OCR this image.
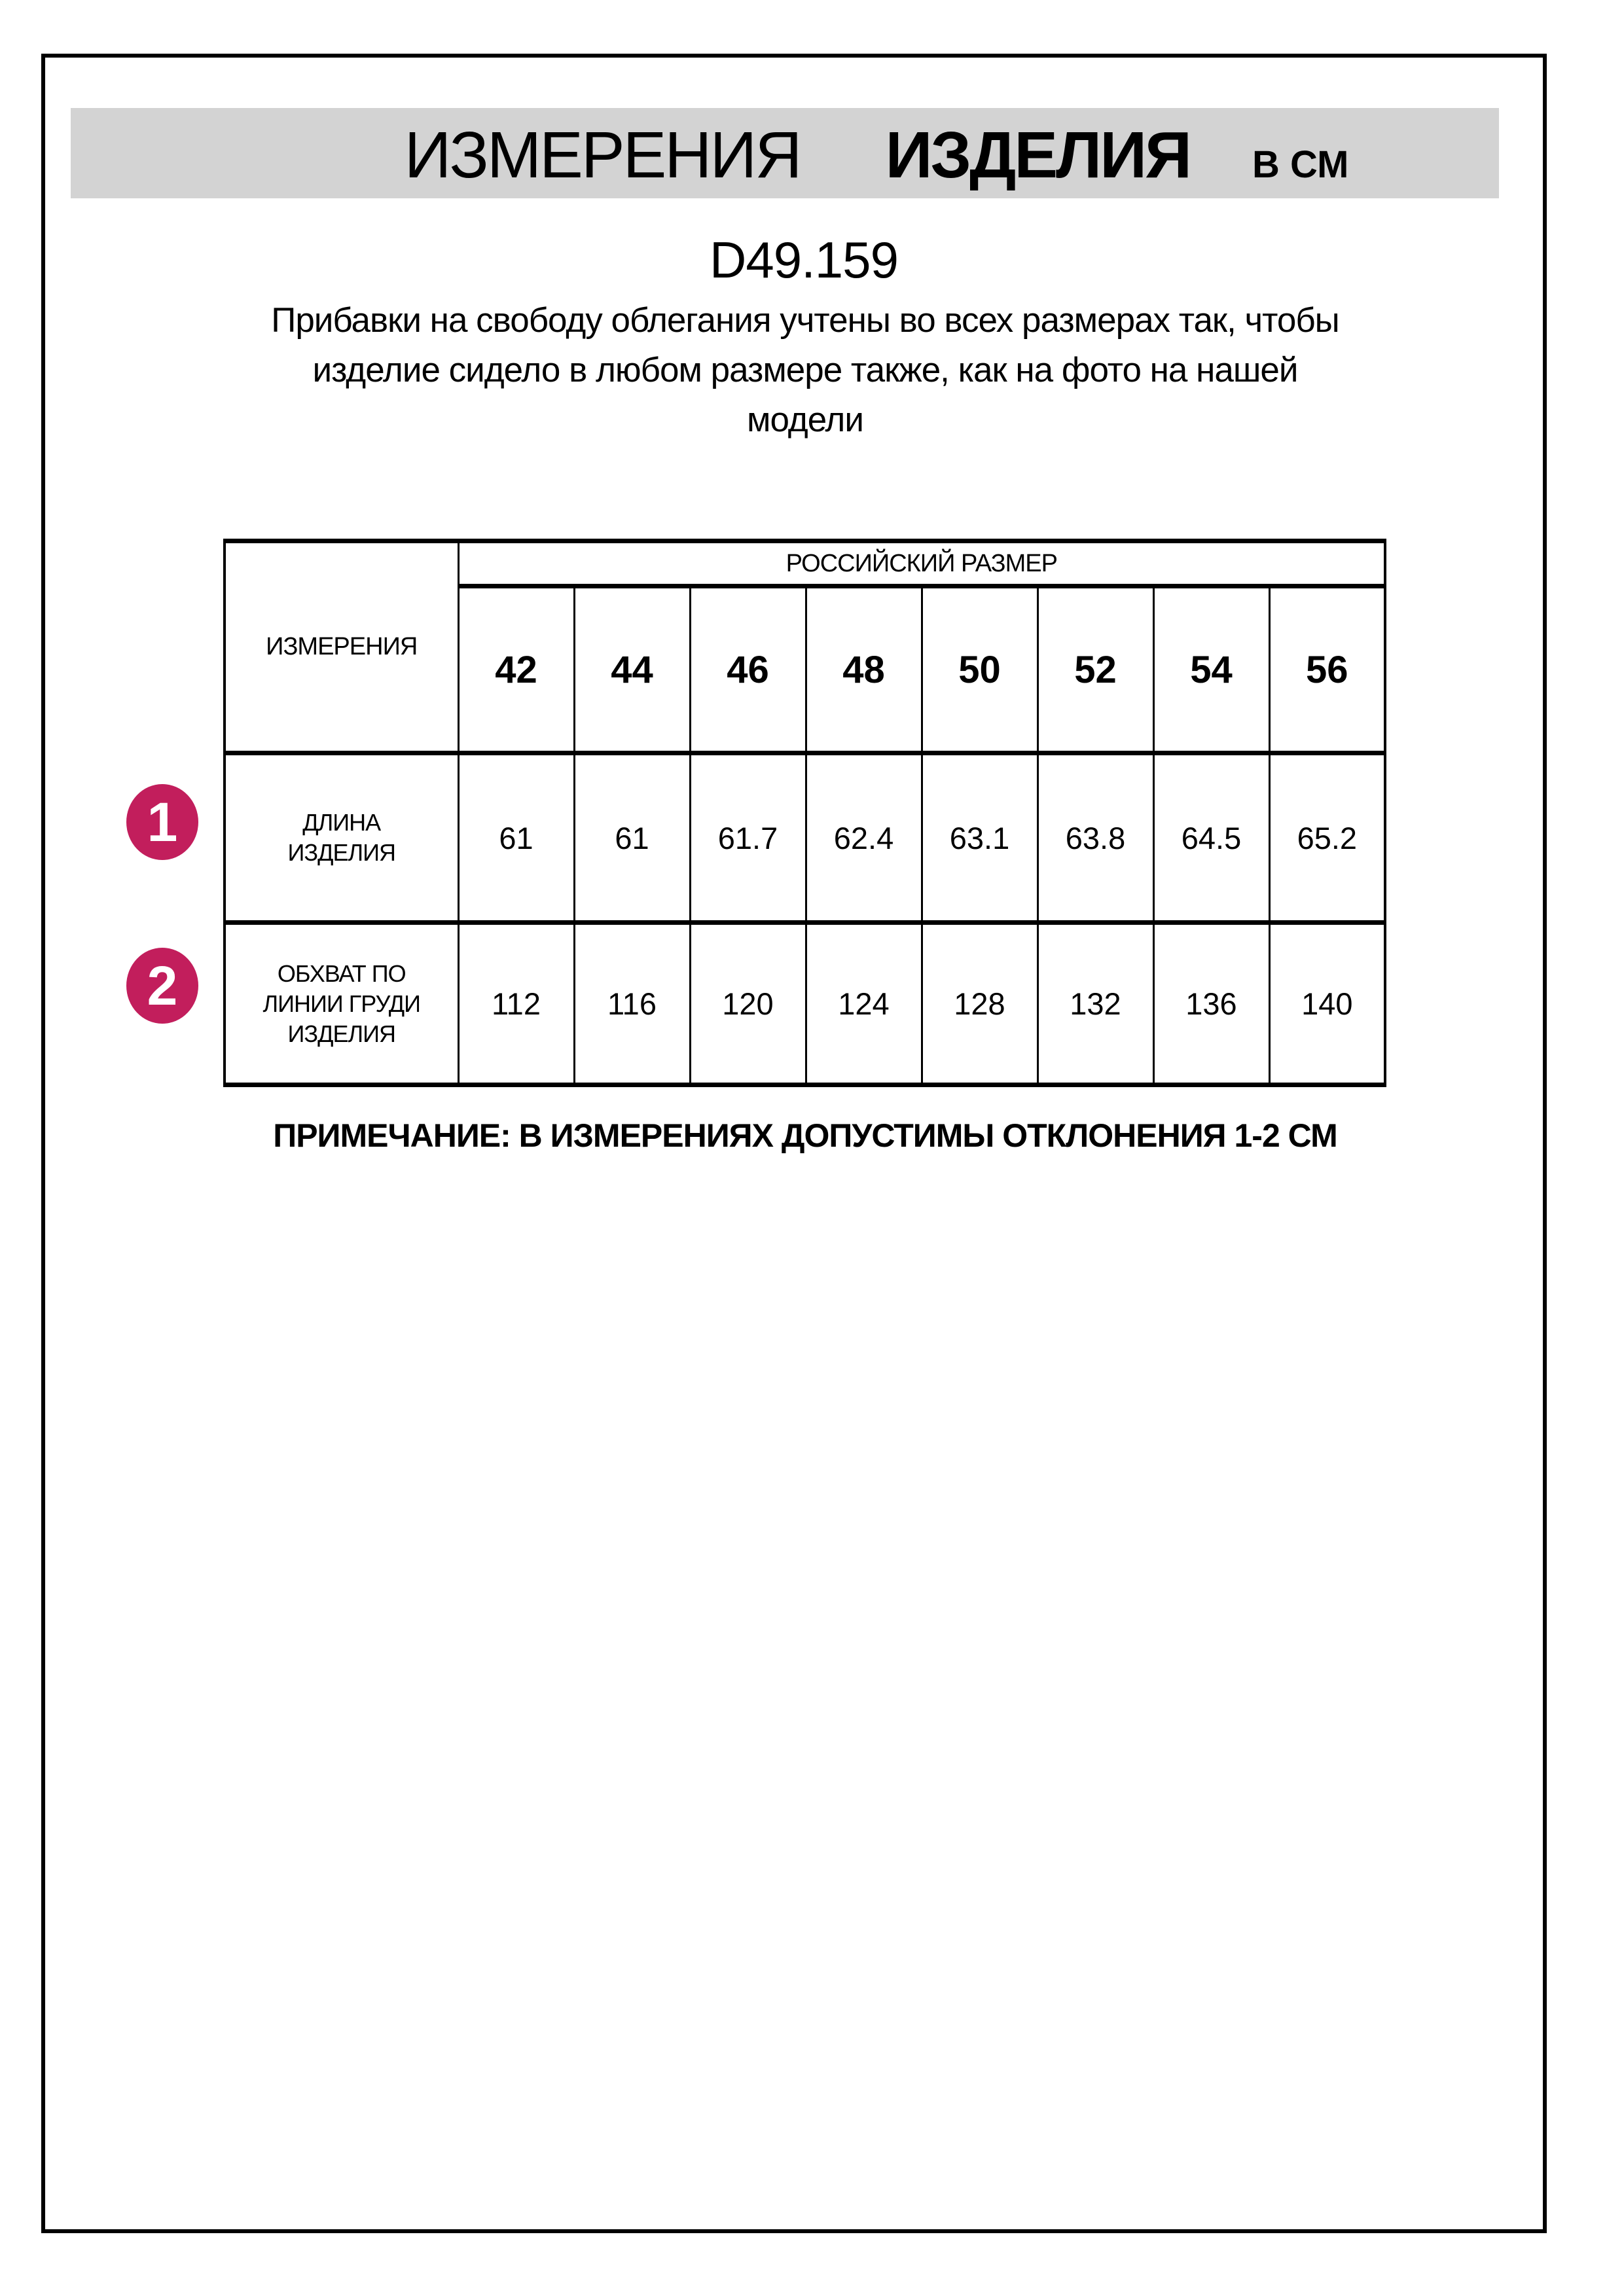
ИЗМЕРЕНИЯ ИЗДЕЛИЯ В СМ
D49.159
Прибавки на свободу облегания учтены во всех размерах так, чтобы
изделие сидело в любом размере также, как на фото на нашей
модели
ИЗМЕРЕНИЯ	РОССИЙСКИЙ РАЗМЕР							
	42	44	46	48	50	52	54	56

ДЛИНА
ИЗДЕЛИЯ	61	61	61.7	62.4	63.1	63.8	64.5	65.2

ОБХВАТ ПО
ЛИНИИ ГРУДИ
ИЗДЕЛИЯ	112	116	120	124	128	132	136	140
1
2
ПРИМЕЧАНИЕ: В ИЗМЕРЕНИЯХ ДОПУСТИМЫ ОТКЛОНЕНИЯ 1-2 СМ
